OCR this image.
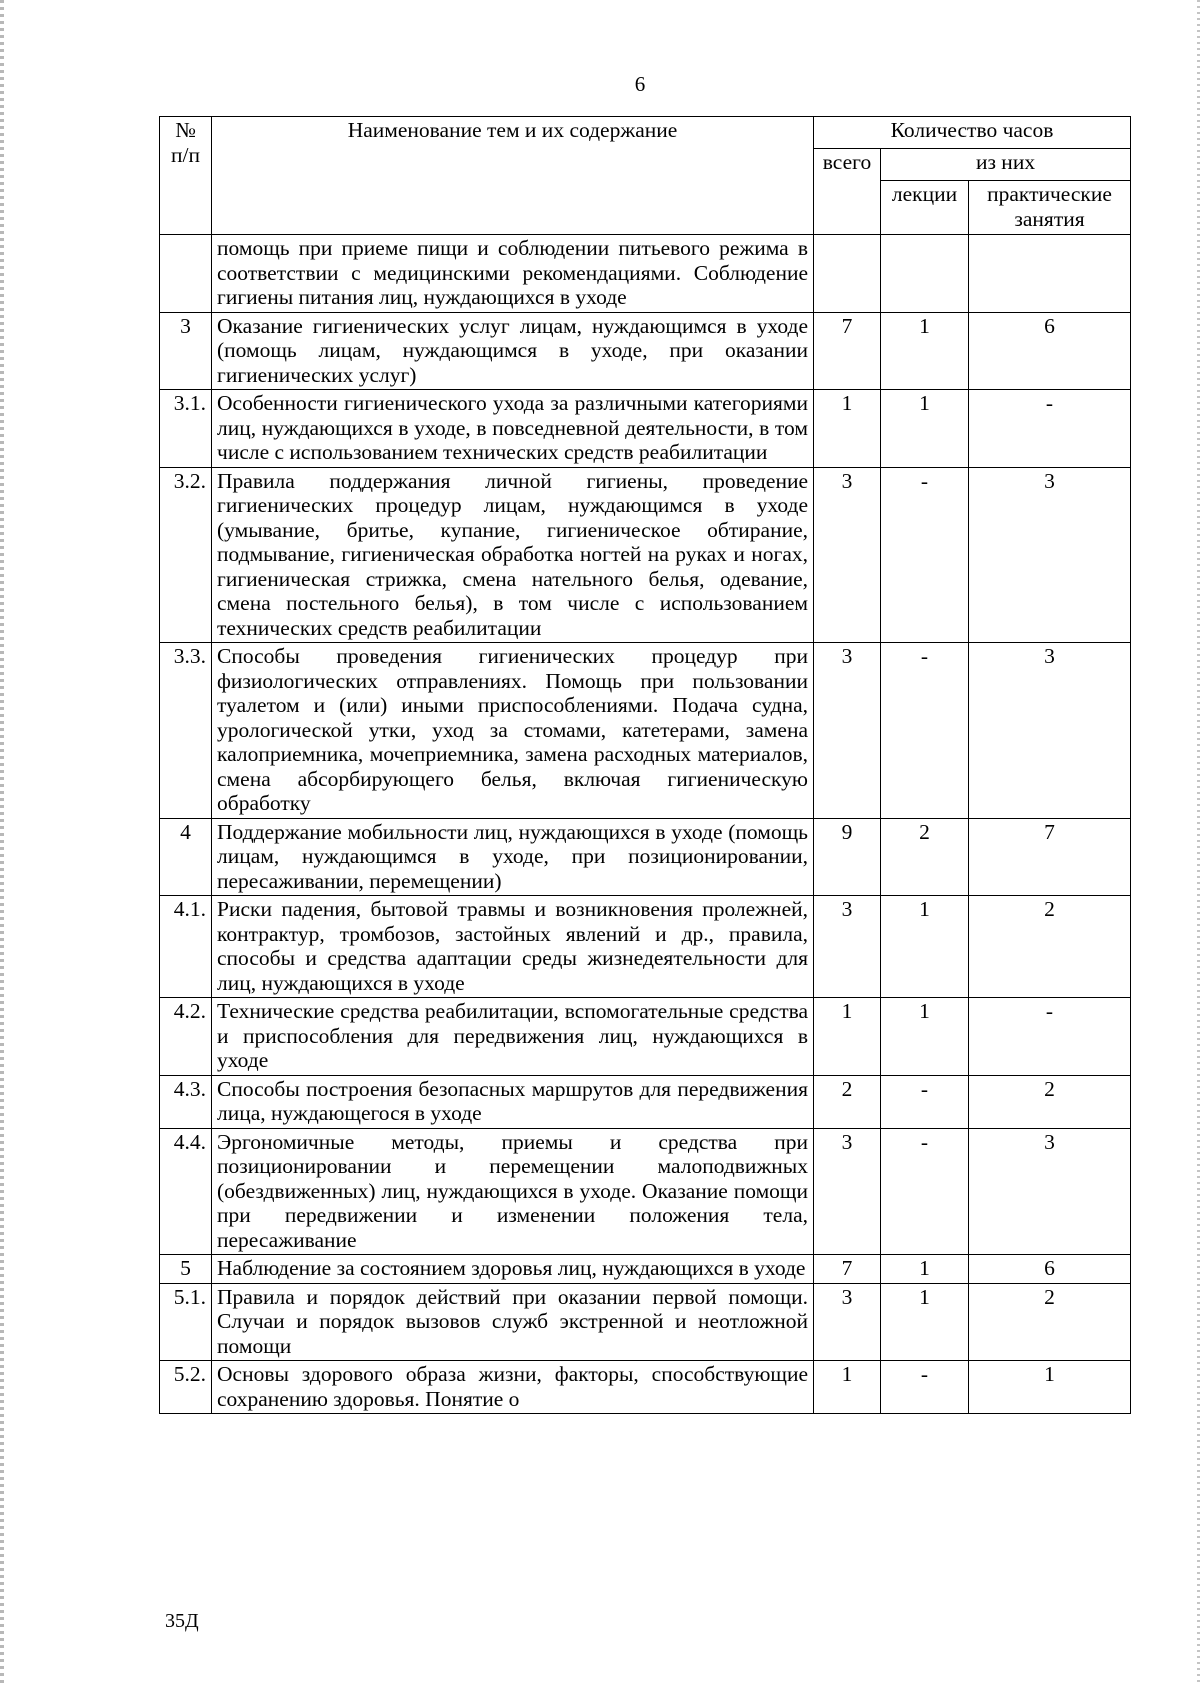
6
№ п/п	Наименование тем и их содержание	Количество часов		
		всего	из них	
			лекции	практические занятия
	помощь при приеме пищи и соблюдении питьевого режима в соответствии с медицинскими рекомендациями. Соблюдение гигиены питания лиц, нуждающихся в уходе			
3	Оказание гигиенических услуг лицам, нуждающимся в уходе (помощь лицам, нуждающимся в уходе, при оказании гигиенических услуг)	7	1	6
3.1.	Особенности гигиенического ухода за различными категориями лиц, нуждающихся в уходе, в повседневной деятельности, в том числе с использованием технических средств реабилитации	1	1	-
3.2.	Правила поддержания личной гигиены, проведение гигиенических процедур лицам, нуждающимся в уходе (умывание, бритье, купание, гигиеническое обтирание, подмывание, гигиеническая обработка ногтей на руках и ногах, гигиеническая стрижка, смена нательного белья, одевание, смена постельного белья), в том числе с использованием технических средств реабилитации	3	-	3
3.3.	Способы проведения гигиенических процедур при физиологических отправлениях. Помощь при пользовании туалетом и (или) иными приспособлениями. Подача судна, урологической утки, уход за стомами, катетерами, замена калоприемника, мочеприемника, замена расходных материалов, смена абсорбирующего белья, включая гигиеническую обработку	3	-	3
4	Поддержание мобильности лиц, нуждающихся в уходе (помощь лицам, нуждающимся в уходе, при позиционировании, пересаживании, перемещении)	9	2	7
4.1.	Риски падения, бытовой травмы и возникновения пролежней, контрактур, тромбозов, застойных явлений и др., правила, способы и средства адаптации среды жизнедеятельности для лиц, нуждающихся в уходе	3	1	2
4.2.	Технические средства реабилитации, вспомогательные средства и приспособления для передвижения лиц, нуждающихся в уходе	1	1	-
4.3.	Способы построения безопасных маршрутов для передвижения лица, нуждающегося в уходе	2	-	2
4.4.	Эргономичные методы, приемы и средства при позиционировании и перемещении малоподвижных (обездвиженных) лиц, нуждающихся в уходе. Оказание помощи при передвижении и изменении положения тела, пересаживание	3	-	3
5	Наблюдение за состоянием здоровья лиц, нуждающихся в уходе	7	1	6
5.1.	Правила и порядок действий при оказании первой помощи. Случаи и порядок вызовов служб экстренной и неотложной помощи	3	1	2
5.2.	Основы здорового образа жизни, факторы, способствующие сохранению здоровья. Понятие о	1	-	1
35Д
